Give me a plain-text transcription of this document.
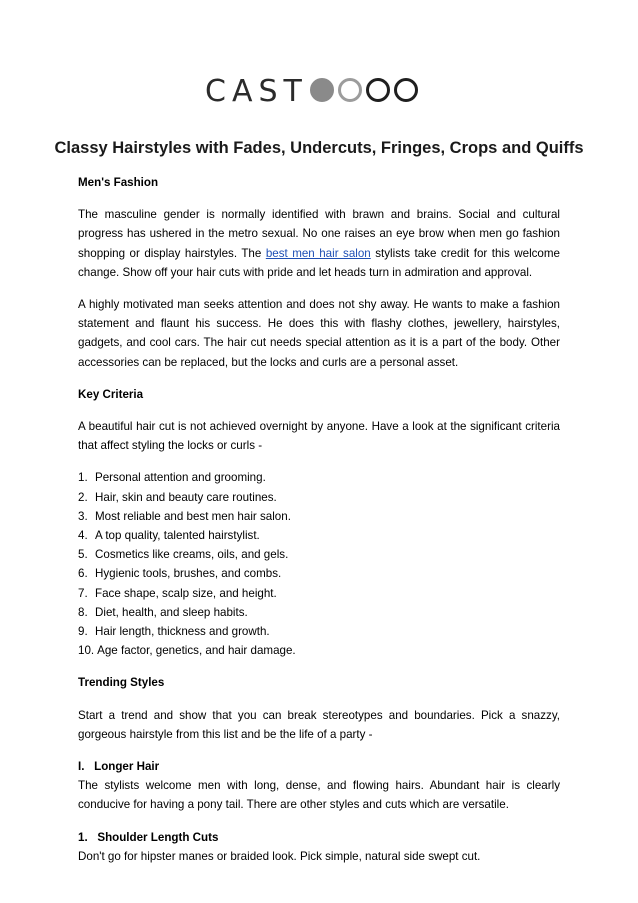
CAST
Classy Hairstyles with Fades, Undercuts, Fringes, Crops and Quiffs

Men's Fashion

The masculine gender is normally identified with brawn and brains. Social and cultural progress has ushered in the metro sexual. No one raises an eye brow when men go fashion shopping or display hairstyles. The best men hair salon stylists take credit for this welcome change. Show off your hair cuts with pride and let heads turn in admiration and approval.

A highly motivated man seeks attention and does not shy away. He wants to make a fashion statement and flaunt his success. He does this with flashy clothes, jewellery, hairstyles, gadgets, and cool cars. The hair cut needs special attention as it is a part of the body. Other accessories can be replaced, but the locks and curls are a personal asset.

Key Criteria

A beautiful hair cut is not achieved overnight by anyone. Have a look at the significant criteria that affect styling the locks or curls -

1. Personal attention and grooming.
2. Hair, skin and beauty care routines.
3. Most reliable and best men hair salon.
4. A top quality, talented hairstylist.
5. Cosmetics like creams, oils, and gels.
6. Hygienic tools, brushes, and combs.
7. Face shape, scalp size, and height.
8. Diet, health, and sleep habits.
9. Hair length, thickness and growth.
10. Age factor, genetics, and hair damage.

Trending Styles

Start a trend and show that you can break stereotypes and boundaries. Pick a snazzy, gorgeous hairstyle from this list and be the life of a party -

I.   Longer Hair

The stylists welcome men with long, dense, and flowing hairs. Abundant hair is clearly conducive for having a pony tail. There are other styles and cuts which are versatile.

1.   Shoulder Length Cuts

Don't go for hipster manes or braided look. Pick simple, natural side swept cut.
